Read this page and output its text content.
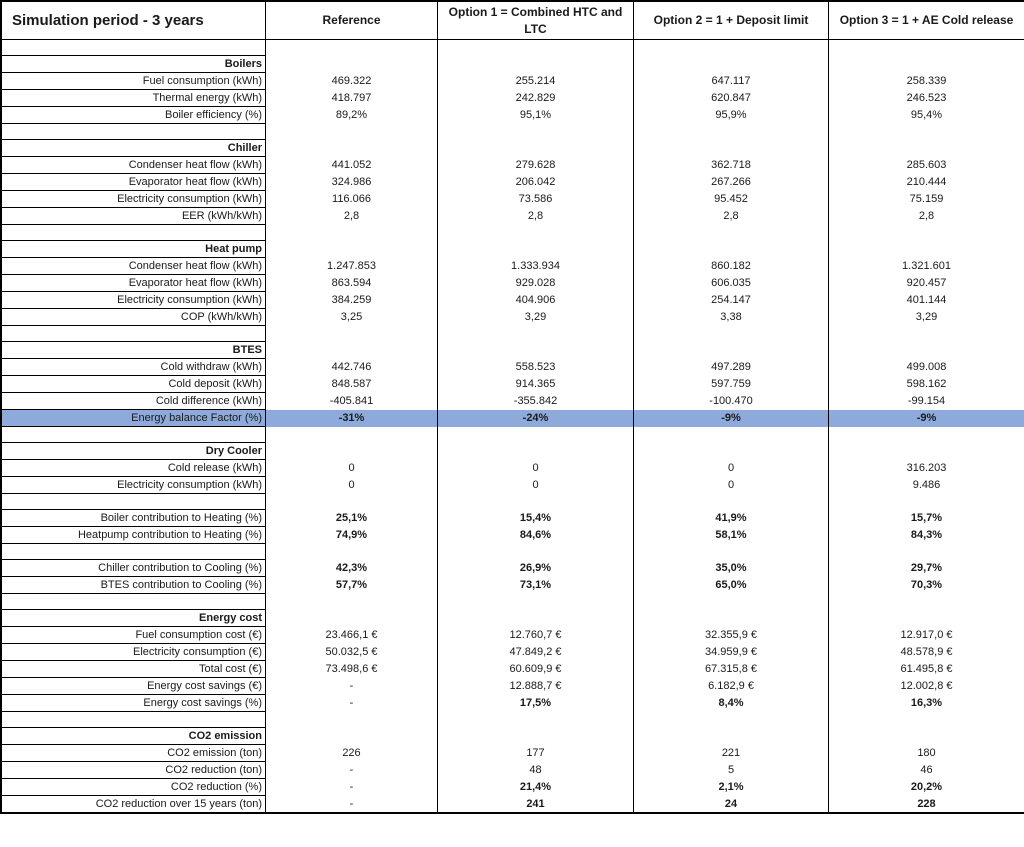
Simulation period - 3 years	Reference	Option 1 = Combined HTC and LTC	Option 2 = 1 + Deposit limit	Option 3 = 1 + AE Cold release

Boilers				
Fuel consumption (kWh)	469.322	255.214	647.117	258.339
Thermal energy (kWh)	418.797	242.829	620.847	246.523
Boiler efficiency (%)	89,2%	95,1%	95,9%	95,4%

Chiller				
Condenser heat flow (kWh)	441.052	279.628	362.718	285.603
Evaporator heat flow (kWh)	324.986	206.042	267.266	210.444
Electricity consumption (kWh)	116.066	73.586	95.452	75.159
EER (kWh/kWh)	2,8	2,8	2,8	2,8

Heat pump				
Condenser heat flow (kWh)	1.247.853	1.333.934	860.182	1.321.601
Evaporator heat flow (kWh)	863.594	929.028	606.035	920.457
Electricity consumption (kWh)	384.259	404.906	254.147	401.144
COP (kWh/kWh)	3,25	3,29	3,38	3,29

BTES				
Cold withdraw (kWh)	442.746	558.523	497.289	499.008
Cold deposit (kWh)	848.587	914.365	597.759	598.162
Cold difference (kWh)	-405.841	-355.842	-100.470	-99.154
Energy balance Factor (%)	-31%	-24%	-9%	-9%

Dry Cooler				
Cold release (kWh)	0	0	0	316.203
Electricity consumption (kWh)	0	0	0	9.486

Boiler contribution to Heating (%)	25,1%	15,4%	41,9%	15,7%
Heatpump contribution to Heating (%)	74,9%	84,6%	58,1%	84,3%

Chiller contribution to Cooling (%)	42,3%	26,9%	35,0%	29,7%
BTES contribution to Cooling (%)	57,7%	73,1%	65,0%	70,3%

Energy cost				
Fuel consumption cost (€)	23.466,1 €	12.760,7 €	32.355,9 €	12.917,0 €
Electricity consumption (€)	50.032,5 €	47.849,2 €	34.959,9 €	48.578,9 €
Total cost (€)	73.498,6 €	60.609,9 €	67.315,8 €	61.495,8 €
Energy cost savings (€)	-	12.888,7 €	6.182,9 €	12.002,8 €
Energy cost savings (%)	-	17,5%	8,4%	16,3%

CO2 emission				
CO2 emission (ton)	226	177	221	180
CO2 reduction (ton)	-	48	5	46
CO2 reduction (%)	-	21,4%	2,1%	20,2%
CO2 reduction over 15 years (ton)	-	241	24	228
